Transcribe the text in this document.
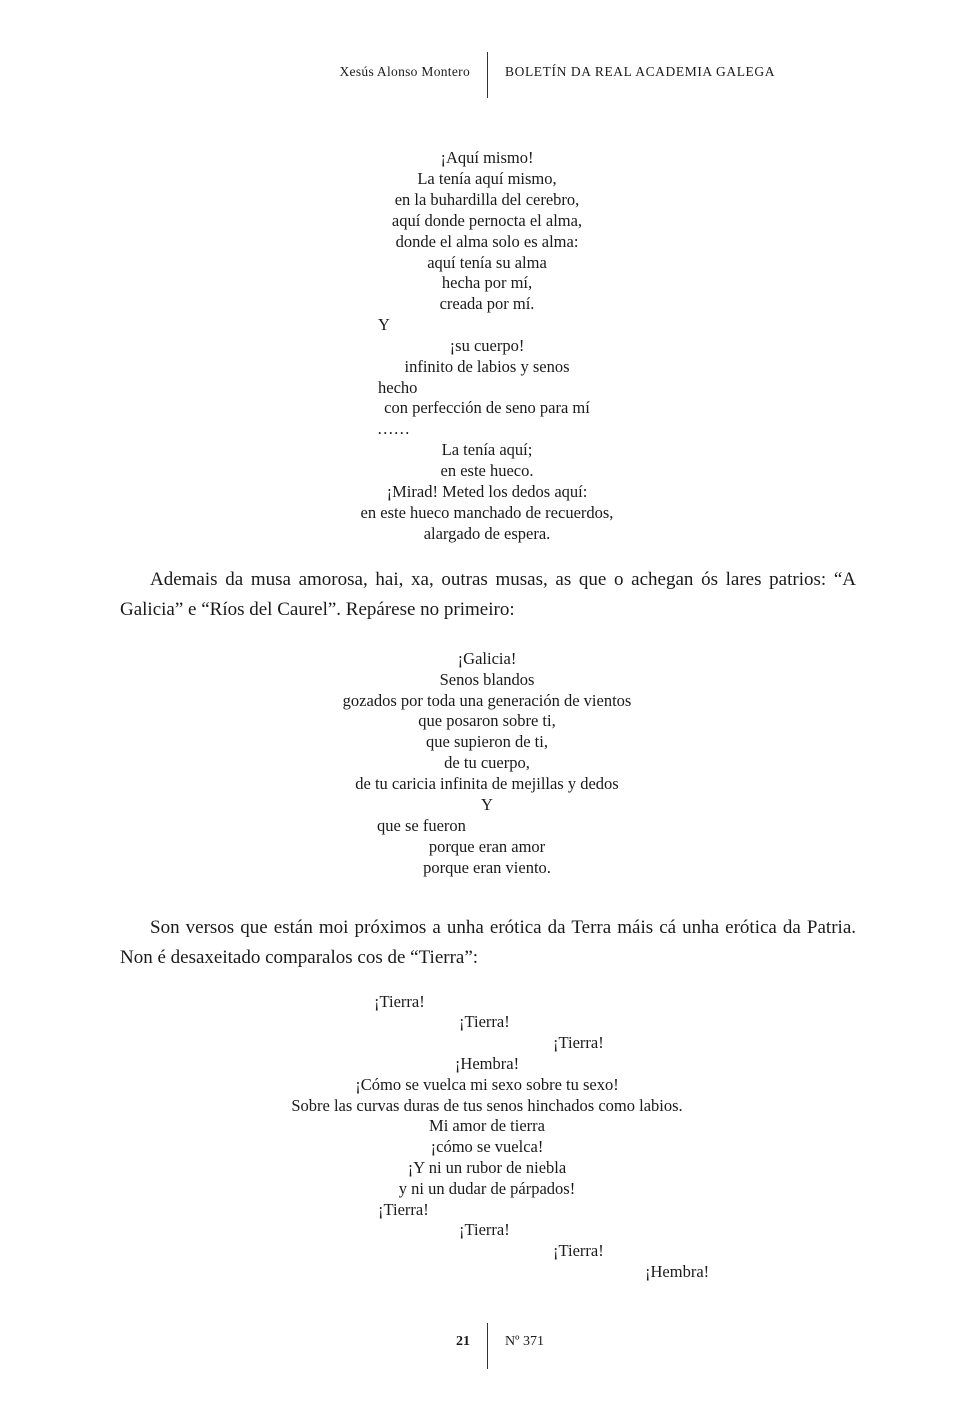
Xesús Alonso Montero	BOLETÍN DA REAL ACADEMIA GALEGA
¡Aquí mismo!
La tenía aquí mismo,
en la buhardilla del cerebro,
aquí donde pernocta el alma,
donde el alma solo es alma:
aquí tenía su alma
hecha por mí,
creada por mí.
Y
¡su cuerpo!
infinito de labios y senos
hecho
con perfección de seno para mí
……
La tenía aquí;
en este hueco.
¡Mirad! Meted los dedos aquí:
en este hueco manchado de recuerdos,
alargado de espera.
Ademais da musa amorosa, hai, xa, outras musas, as que o achegan ós lares patrios: “A Galicia” e “Ríos del Caurel”. Repárese no primeiro:
¡Galicia!
Senos blandos
gozados por toda una generación de vientos
que posaron sobre ti,
que supieron de ti,
de tu cuerpo,
de tu caricia infinita de mejillas y dedos
Y
que se fueron
porque eran amor
porque eran viento.
Son versos que están moi próximos a unha erótica da Terra máis cá unha erótica da Patria. Non é desaxeitado comparalos cos de “Tierra”:
¡Tierra!
¡Tierra!
¡Tierra!
¡Hembra!
¡Cómo se vuelca mi sexo sobre tu sexo!
Sobre las curvas duras de tus senos hinchados como labios.
Mi amor de tierra
¡cómo se vuelca!
¡Y ni un rubor de niebla
y ni un dudar de párpados!
¡Tierra!
¡Tierra!
¡Tierra!
¡Hembra!
21	Nº 371
